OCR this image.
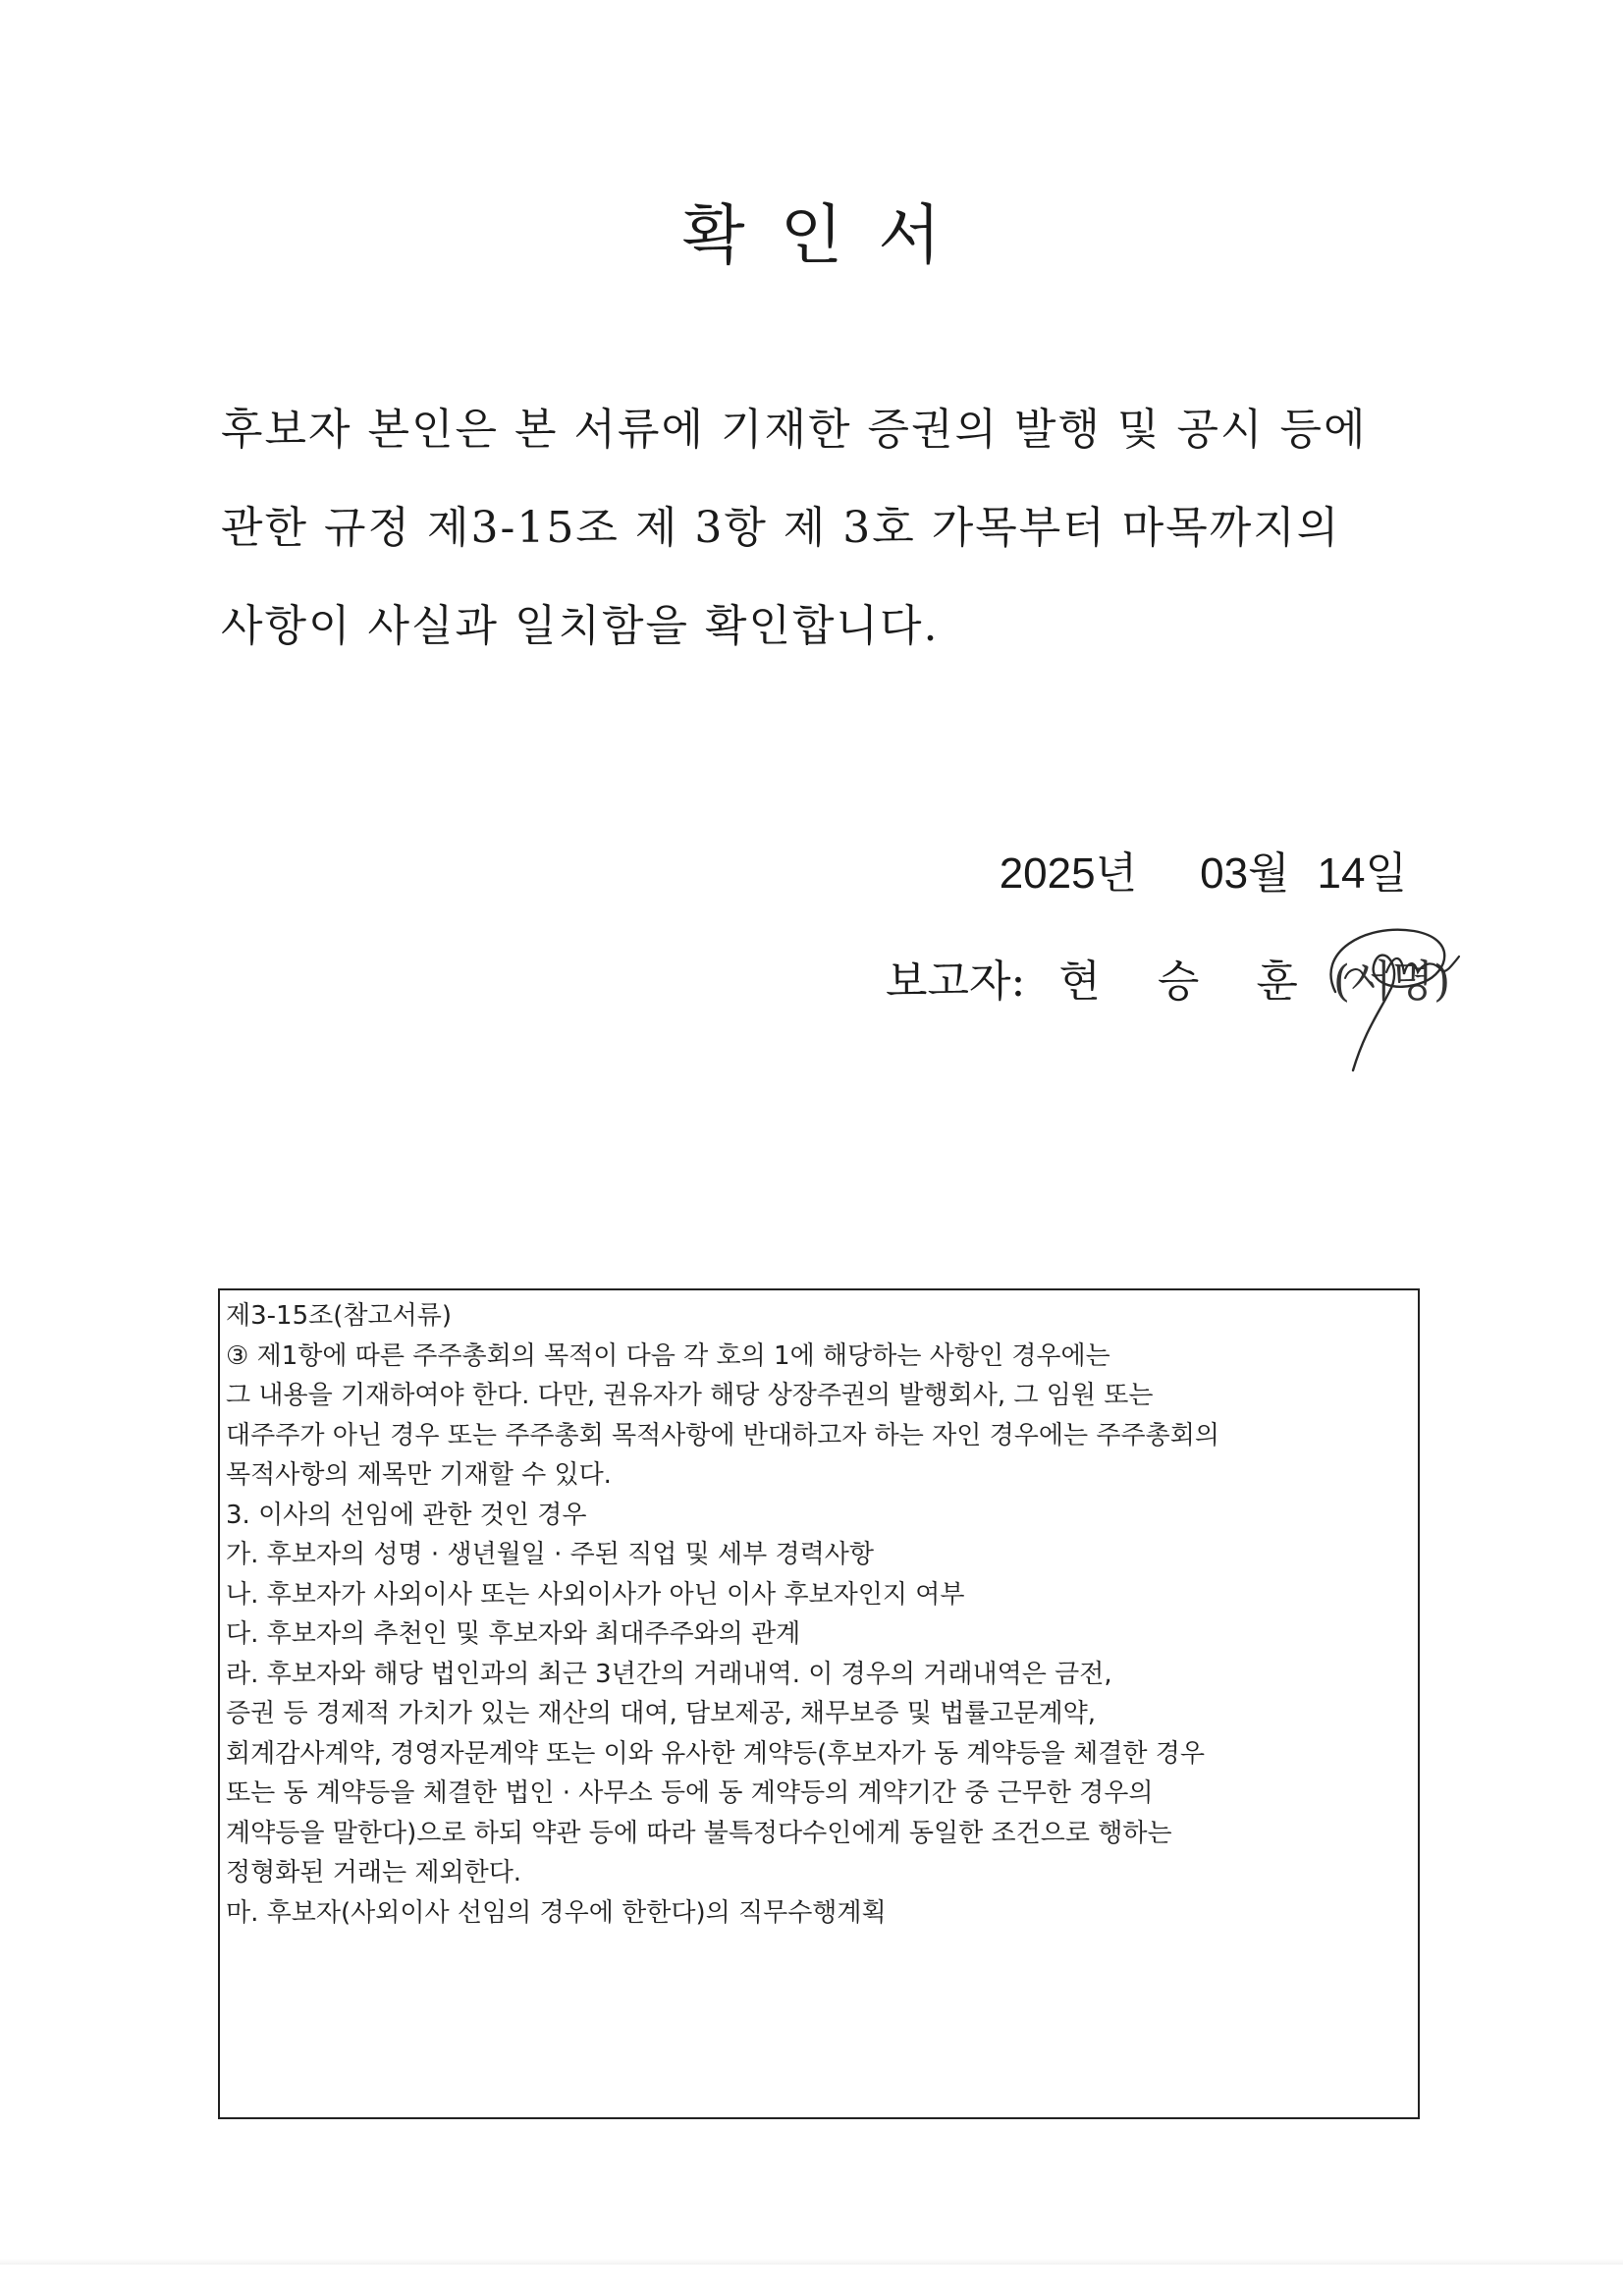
확인서
후보자 본인은 본 서류에 기재한 증권의 발행 및 공시 등에
관한 규정 제3-15조 제 3항 제 3호 가목부터 마목까지의
사항이 사실과 일치함을 확인합니다.
2025년 03월 14일
보고자: 현 승 훈 (서명)
제3-15조(참고서류)
③ 제1항에 따른 주주총회의 목적이 다음 각 호의 1에 해당하는 사항인 경우에는
그 내용을 기재하여야 한다. 다만, 권유자가 해당 상장주권의 발행회사, 그 임원 또는
대주주가 아닌 경우 또는 주주총회 목적사항에 반대하고자 하는 자인 경우에는 주주총회의
목적사항의 제목만 기재할 수 있다.
3. 이사의 선임에 관한 것인 경우
가. 후보자의 성명 · 생년월일 · 주된 직업 및 세부 경력사항
나. 후보자가 사외이사 또는 사외이사가 아닌 이사 후보자인지 여부
다. 후보자의 추천인 및 후보자와 최대주주와의 관계
라. 후보자와 해당 법인과의 최근 3년간의 거래내역. 이 경우의 거래내역은 금전,
증권 등 경제적 가치가 있는 재산의 대여, 담보제공, 채무보증 및 법률고문계약,
회계감사계약, 경영자문계약 또는 이와 유사한 계약등(후보자가 동 계약등을 체결한 경우
또는 동 계약등을 체결한 법인 · 사무소 등에 동 계약등의 계약기간 중 근무한 경우의
계약등을 말한다)으로 하되 약관 등에 따라 불특정다수인에게 동일한 조건으로 행하는
정형화된 거래는 제외한다.
마. 후보자(사외이사 선임의 경우에 한한다)의 직무수행계획
